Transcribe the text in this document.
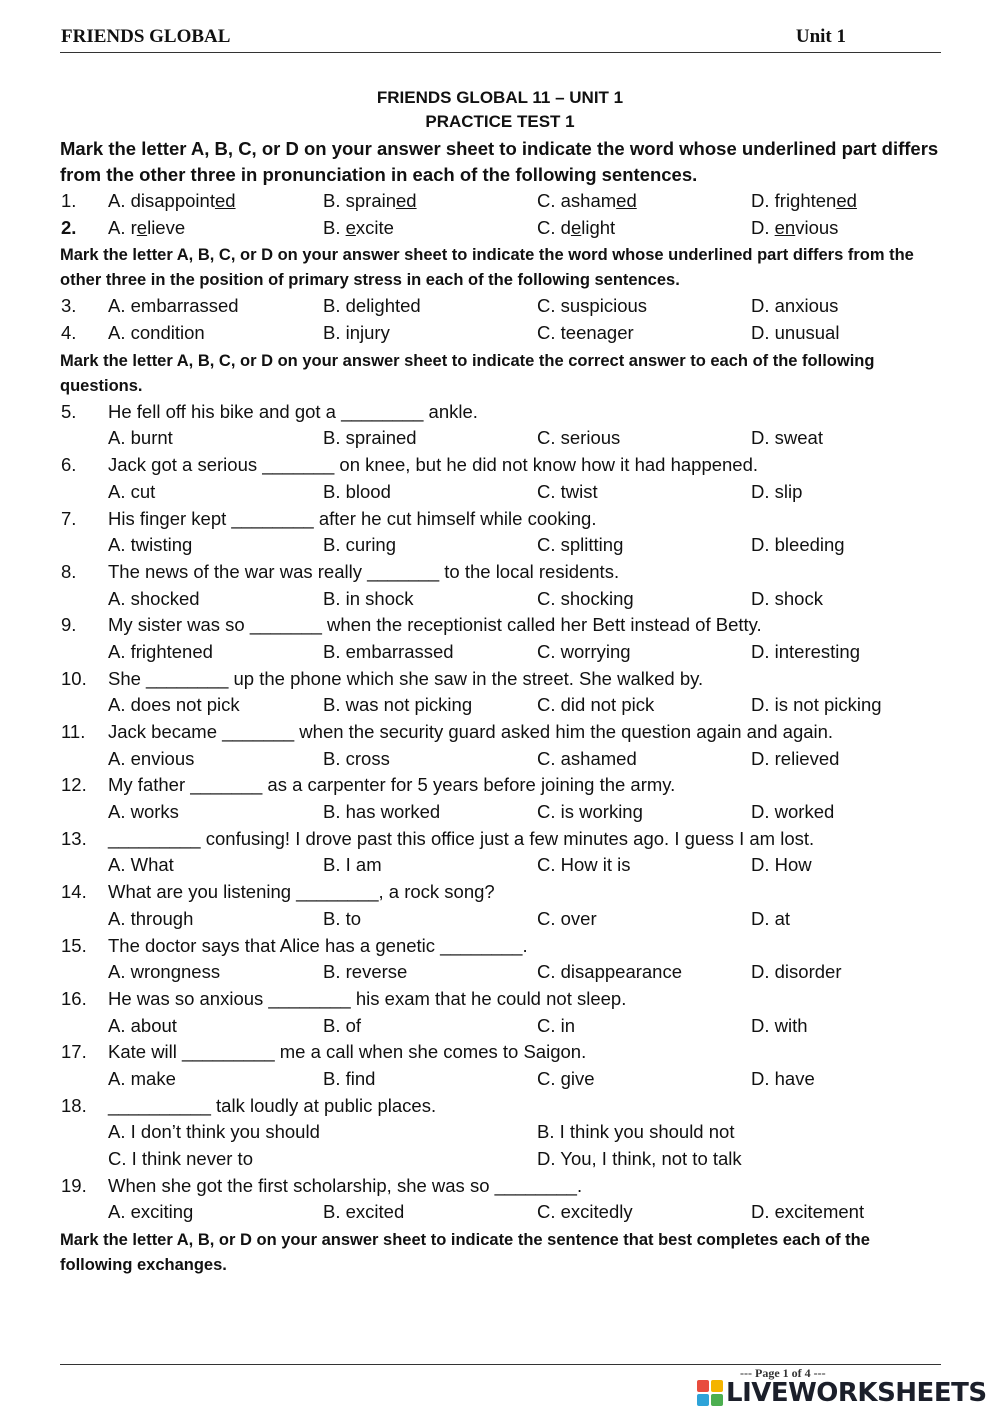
FRIENDS GLOBAL	Unit 1
FRIENDS GLOBAL 11 – UNIT 1
PRACTICE TEST 1
Mark the letter A, B, C, or D on your answer sheet to indicate the word whose underlined part differs from the other three in pronunciation in each of the following sentences.
1. A. disappointed	B. sprained	C. ashamed	D. frightened
2. A. relieve	B. excite	C. delight	D. envious
Mark the letter A, B, C, or D on your answer sheet to indicate the word whose underlined part differs from the other three in the position of primary stress in each of the following sentences.
3. A. embarrassed	B. delighted	C. suspicious	D. anxious
4. A. condition	B. injury	C. teenager	D. unusual
Mark the letter A, B, C, or D on your answer sheet to indicate the correct answer to each of the following questions.
5. He fell off his bike and got a ________ ankle.
A. burnt	B. sprained	C. serious	D. sweat
6. Jack got a serious _______ on knee, but he did not know how it had happened.
A. cut	B. blood	C. twist	D. slip
7. His finger kept ________ after he cut himself while cooking.
A. twisting	B. curing	C. splitting	D. bleeding
8. The news of the war was really _______ to the local residents.
A. shocked	B. in shock	C. shocking	D. shock
9. My sister was so _______ when the receptionist called her Bett instead of Betty.
A. frightened	B. embarrassed	C. worrying	D. interesting
10. She ________ up the phone which she saw in the street. She walked by.
A. does not pick	B. was not picking	C. did not pick	D. is not picking
11. Jack became _______ when the security guard asked him the question again and again.
A. envious	B. cross	C. ashamed	D. relieved
12. My father _______ as a carpenter for 5 years before joining the army.
A. works	B. has worked	C. is working	D. worked
13. _________ confusing! I drove past this office just a few minutes ago. I guess I am lost.
A. What	B. I am	C. How it is	D. How
14. What are you listening ________, a rock song?
A. through	B. to	C. over	D. at
15. The doctor says that Alice has a genetic ________.
A. wrongness	B. reverse	C. disappearance	D. disorder
16. He was so anxious ________ his exam that he could not sleep.
A. about	B. of	C. in	D. with
17. Kate will _________ me a call when she comes to Saigon.
A. make	B. find	C. give	D. have
18. __________ talk loudly at public places.
A. I don’t think you should	B. I think you should not
C. I think never to	D. You, I think, not to talk
19. When she got the first scholarship, she was so ________.
A. exciting	B. excited	C. excitedly	D. excitement
Mark the letter A, B, or D on your answer sheet to indicate the sentence that best completes each of the following exchanges.
--- Page 1 of 4 ---
LIVEWORKSHEETS
